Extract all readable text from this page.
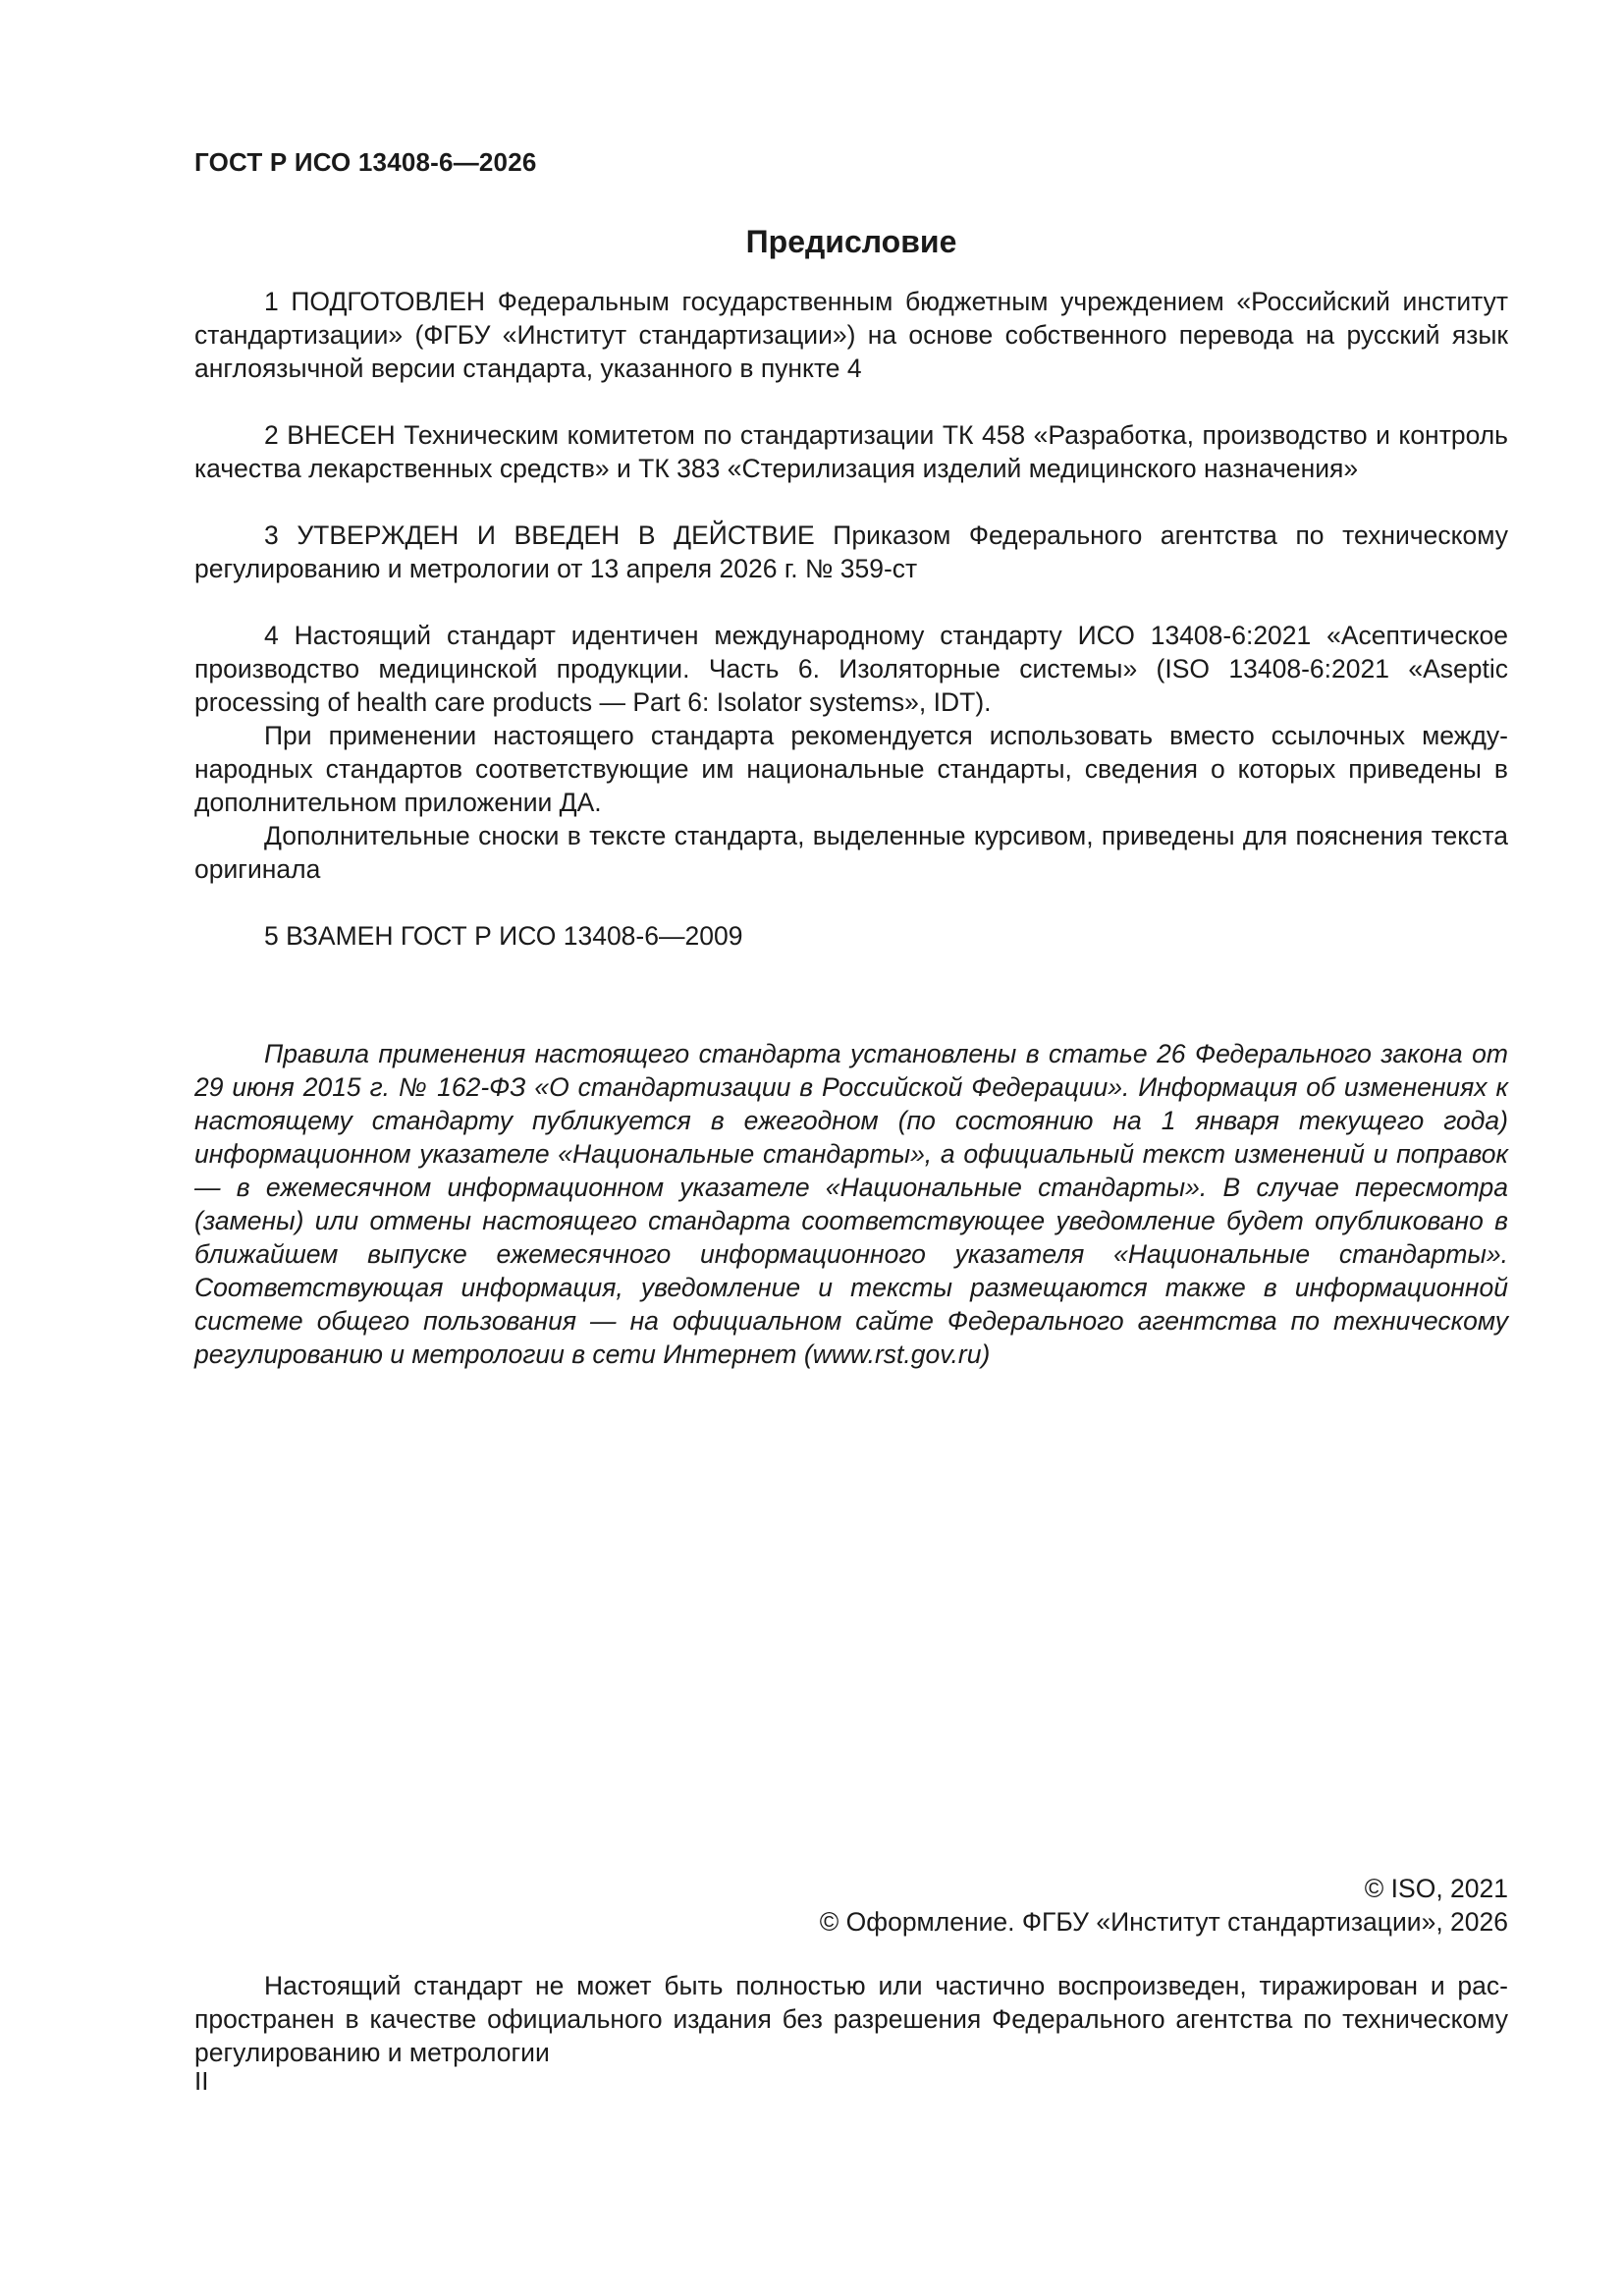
ГОСТ Р ИСО 13408-6—2026
Предисловие

1 ПОДГОТОВЛЕН Федеральным государственным бюджетным учреждением «Российский институт стандартизации» (ФГБУ «Институт стандартизации») на основе собственного перевода на русский язык англоязычной версии стандарта, указанного в пункте 4

2 ВНЕСЕН Техническим комитетом по стандартизации ТК 458 «Разработка, производство и контроль качества лекарственных средств» и ТК 383 «Стерилизация изделий медицинского назначения»

3 УТВЕРЖДЕН И ВВЕДЕН В ДЕЙСТВИЕ Приказом Федерального агентства по техническому регулированию и метрологии от 13 апреля 2026 г. № 359-ст

4 Настоящий стандарт идентичен международному стандарту ИСО 13408-6:2021 «Асептическое производство медицинской продукции. Часть 6. Изоляторные системы» (ISO 13408-6:2021 «Aseptic processing of health care products — Part 6: Isolator systems», IDT).

При применении настоящего стандарта рекомендуется использовать вместо ссылочных международных стандартов соответствующие им национальные стандарты, сведения о которых приведены в дополнительном приложении ДА.

Дополнительные сноски в тексте стандарта, выделенные курсивом, приведены для пояснения текста оригинала

5 ВЗАМЕН ГОСТ Р ИСО 13408-6—2009

Правила применения настоящего стандарта установлены в статье 26 Федерального закона от 29 июня 2015 г. № 162-ФЗ «О стандартизации в Российской Федерации». Информация об изменениях к настоящему стандарту публикуется в ежегодном (по состоянию на 1 января текущего года) информационном указателе «Национальные стандарты», а официальный текст изменений и поправок — в ежемесячном информационном указателе «Национальные стандарты». В случае пересмотра (замены) или отмены настоящего стандарта соответствующее уведомление будет опубликовано в ближайшем выпуске ежемесячного информационного указателя «Национальные стандарты». Соответствующая информация, уведомление и тексты размещаются также в информационной системе общего пользования — на официальном сайте Федерального агентства по техническому регулированию и метрологии в сети Интернет (www.rst.gov.ru)

© ISO, 2021
© Оформление. ФГБУ «Институт стандартизации», 2026

Настоящий стандарт не может быть полностью или частично воспроизведен, тиражирован и распространен в качестве официального издания без разрешения Федерального агентства по техническому регулированию и метрологии

II
